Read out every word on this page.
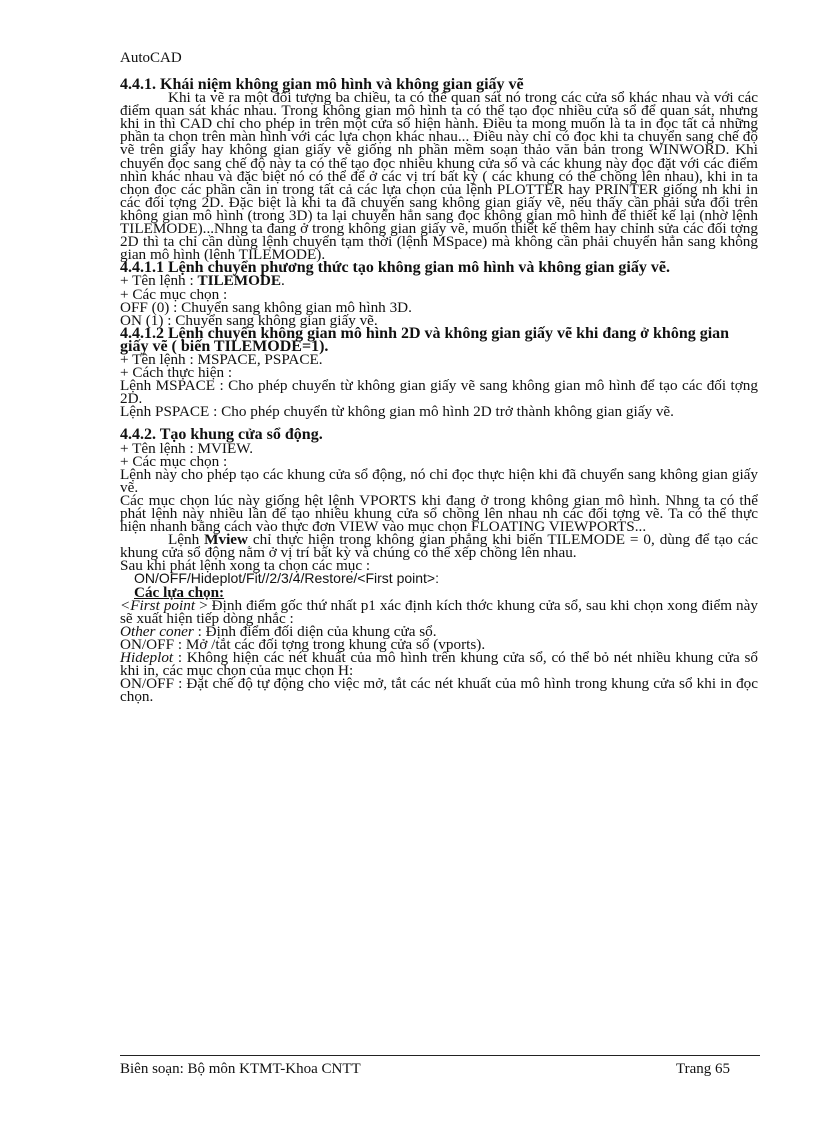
AutoCAD

4.4.1. Khái niệm không gian mô hình và không gian giấy vẽ

Khi ta vẽ ra một đối tượng ba chiều, ta có thể quan sát nó trong các cửa sổ khác nhau và với các điểm quan sát khác nhau. Trong không gian mô hình ta có thể tạo đọc nhiều cửa sổ để quan sát, nhưng khi in thì CAD chỉ cho phép in trên một cửa sổ hiện hành. Điều ta mong muốn là ta in đọc tất cả những phần ta chọn trên màn hình với các lựa chọn khác nhau... Điều này chỉ có đọc khi ta chuyển sang chế độ vẽ trên giấy hay không gian giấy vẽ giống nh phần mềm soạn thảo văn bản trong WINWORD. Khi chuyển đọc sang chế độ này ta có thể tạo đọc nhiều khung cửa sổ và các khung này đọc đặt với các điểm nhìn khác nhau và đặc biệt nó có thể để ở các vị trí bất kỳ ( các khung có thể chồng lên nhau), khi in ta chọn đọc các phần cần in trong tất cả các lựa chọn của lệnh PLOTTER hay PRINTER giống nh khi in các đối tợng 2D. Đặc biệt là khi ta đã chuyển sang không gian giấy vẽ, nếu thấy cần phải sửa đổi trên không gian mô hình (trong 3D) ta lại chuyển hẳn sang đọc không gian mô hình để thiết kế lại (nhờ lệnh TILEMODE)...Nhng ta đang ở trong không gian giấy vẽ, muốn thiết kế thêm hay chỉnh sửa các đối tợng 2D thì ta chỉ cần dùng lệnh chuyển tạm thời (lệnh MSpace) mà không cần phải chuyển hẳn sang không gian mô hình (lệnh TILEMODE).

4.4.1.1 Lệnh chuyển phương thức tạo không gian mô hình và không gian giấy vẽ.

+ Tên lệnh : TILEMODE.

+ Các mục chọn :

OFF (0) : Chuyển sang không gian mô hình 3D.

ON (1) : Chuyển sang không gian giấy vẽ.

4.4.1.2 Lệnh chuyển không gian mô hình 2D và không gian giấy vẽ khi đang ở không gian giấy vẽ ( biến TILEMODE=1).

+ Tên lệnh : MSPACE, PSPACE.

+ Cách thực hiện :

Lệnh MSPACE : Cho phép chuyển từ không gian giấy vẽ sang không gian mô hình để tạo các đối tợng 2D.

Lệnh PSPACE : Cho phép chuyển từ không gian mô hình 2D trở thành không gian giấy vẽ.

4.4.2. Tạo khung cửa sổ động.

+ Tên lệnh : MVIEW.

+ Các mục chọn :

Lệnh này cho phép tạo các khung cửa sổ động, nó chỉ đọc thực hiện khi đã chuyển sang không gian giấy vẽ.

Các mục chọn lúc này giống hệt lệnh VPORTS khi đang ở trong không gian mô hình. Nhng ta có thể phát lệnh này nhiều lần để tạo nhiều khung cửa sổ chồng lên nhau nh các đối tợng vẽ. Ta có thể thực hiện nhanh bằng cách vào thực đơn VIEW vào mục chọn FLOATING VIEWPORTS...

Lệnh Mview chỉ thực hiện trong không gian phẳng khi biến TILEMODE = 0, dùng để tạo các khung cửa sổ động nằm ở vị trí bất kỳ và chúng có thể xếp chồng lên nhau.

Sau khi phát lệnh xong ta chọn các mục :

ON/OFF/Hideplot/Fit//2/3/4/Restore/<First point>:

Các lựa chọn:

<First point > Định điểm gốc thứ nhất p1 xác định kích thớc khung cửa sổ, sau khi chọn xong điểm này sẽ xuất hiện tiếp dòng nhắc :

Other coner : Định điểm đối diện của khung cửa sổ.

ON/OFF : Mở /tắt các đối tợng trong khung cửa sổ (vports).

Hideplot : Không hiện các nét khuất của mô hình trên khung cửa sổ, có thể bỏ nét nhiều khung cửa sổ khi in, các mục chọn của mục chọn H:

ON/OFF : Đặt chế độ tự động cho việc mở, tắt các nét khuất của mô hình trong khung cửa sổ khi in đọc chọn.

Biên soạn: Bộ môn KTMT-Khoa CNTT	Trang 65
